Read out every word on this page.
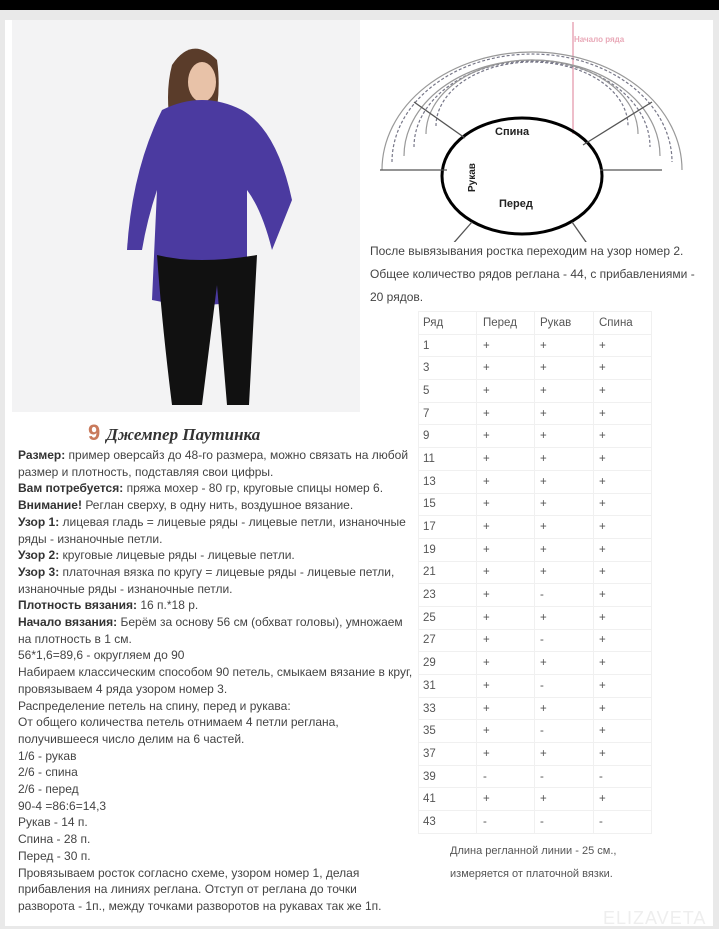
Начало ряда
Спина
Перед
Рукав
После вывязывания ростка переходим на узор номер 2.
Общее количество рядов реглана - 44, с прибавлениями -
20 рядов.
Ряд	Перед	Рукав	Спина
1	+	+	+
3	+	+	+
5	+	+	+
7	+	+	+
9	+	+	+
11	+	+	+
13	+	+	+
15	+	+	+
17	+	+	+
19	+	+	+
21	+	+	+
23	+	-	+
25	+	+	+
27	+	-	+
29	+	+	+
31	+	-	+
33	+	+	+
35	+	-	+
37	+	+	+
39	-	-	-
41	+	+	+
43	-	-	-
Длина регланной линии - 25 см.,
измеряется от платочной вязки.
9 Джемпер Паутинка
Размер: пример оверсайз до 48-го размера, можно связать на любой размер и плотность, подставляя свои цифры.
Вам потребуется: пряжа мохер - 80 гр, круговые спицы номер 6.
Внимание! Реглан сверху, в одну нить, воздушное вязание.
Узор 1: лицевая гладь = лицевые ряды - лицевые петли, изнаночные ряды - изнаночные петли.
Узор 2: круговые лицевые ряды - лицевые петли.
Узор 3: платочная вязка по кругу = лицевые ряды - лицевые петли, изнаночные ряды - изнаночные петли.
Плотность вязания: 16 п.*18 р.
Начало вязания: Берём за основу 56 см (обхват головы), умножаем на плотность в 1 см.
56*1,6=89,6 - округляем до 90
Набираем классическим способом 90 петель, смыкаем вязание в круг, провязываем 4 ряда узором номер 3.
Распределение петель на спину, перед и рукава:
От общего количества петель отнимаем 4 петли реглана, получившееся число делим на 6 частей.
1/6 - рукав
2/6 - спина
2/6 - перед
90-4 =86:6=14,3
Рукав - 14 п.
Спина - 28 п.
Перед - 30 п.
Провязываем росток согласно схеме, узором номер 1, делая прибавления на линиях реглана. Отступ от реглана до точки разворота - 1п., между точками разворотов на рукавах так же 1п.
ELIZAVETA
